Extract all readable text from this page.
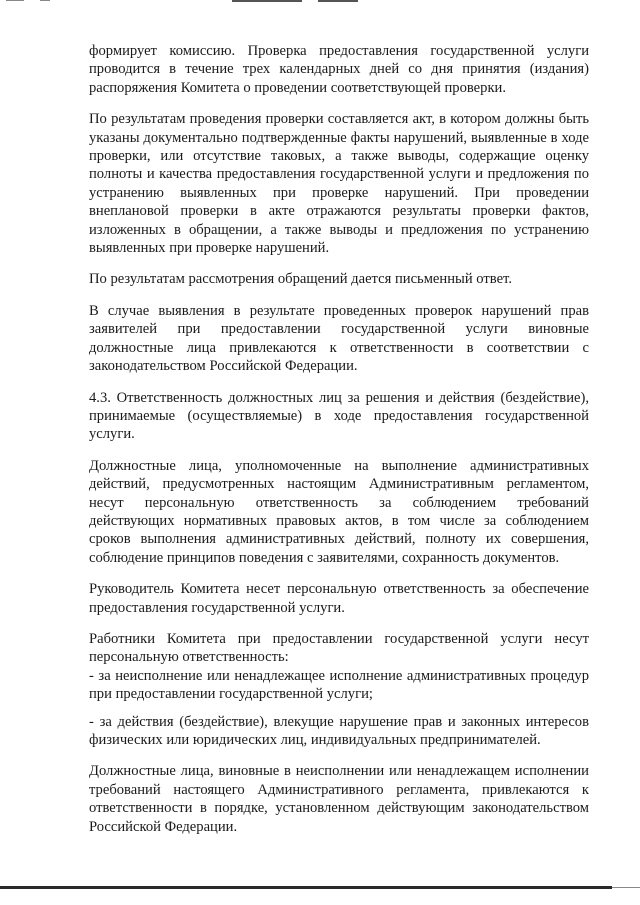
формирует комиссию. Проверка предоставления государственной услуги проводится в течение трех календарных дней со дня принятия (издания) распоряжения Комитета о проведении соответствующей проверки.

По результатам проведения проверки составляется акт, в котором должны быть указаны документально подтвержденные факты нарушений, выявленные в ходе проверки, или отсутствие таковых, а также выводы, содержащие оценку полноты и качества предоставления государственной услуги и предложения по устранению выявленных при проверке нарушений. При проведении внеплановой проверки в акте отражаются результаты проверки фактов, изложенных в обращении, а также выводы и предложения по устранению выявленных при проверке нарушений.

По результатам рассмотрения обращений дается письменный ответ.

В случае выявления в результате проведенных проверок нарушений прав заявителей при предоставлении государственной услуги виновные должностные лица привлекаются к ответственности в соответствии с законодательством Российской Федерации.

4.3. Ответственность должностных лиц за решения и действия (бездействие), принимаемые (осуществляемые) в ходе предоставления государственной услуги.

Должностные лица, уполномоченные на выполнение административных действий, предусмотренных настоящим Административным регламентом, несут персональную ответственность за соблюдением требований действующих нормативных правовых актов, в том числе за соблюдением сроков выполнения административных действий, полноту их совершения, соблюдение принципов поведения с заявителями, сохранность документов.

Руководитель Комитета несет персональную ответственность за обеспечение предоставления государственной услуги.

Работники Комитета при предоставлении государственной услуги несут персональную ответственность:

- за неисполнение или ненадлежащее исполнение административных процедур при предоставлении государственной услуги;

- за действия (бездействие), влекущие нарушение прав и законных интересов физических или юридических лиц, индивидуальных предпринимателей.

Должностные лица, виновные в неисполнении или ненадлежащем исполнении требований настоящего Административного регламента, привлекаются к ответственности в порядке, установленном действующим законодательством Российской Федерации.
